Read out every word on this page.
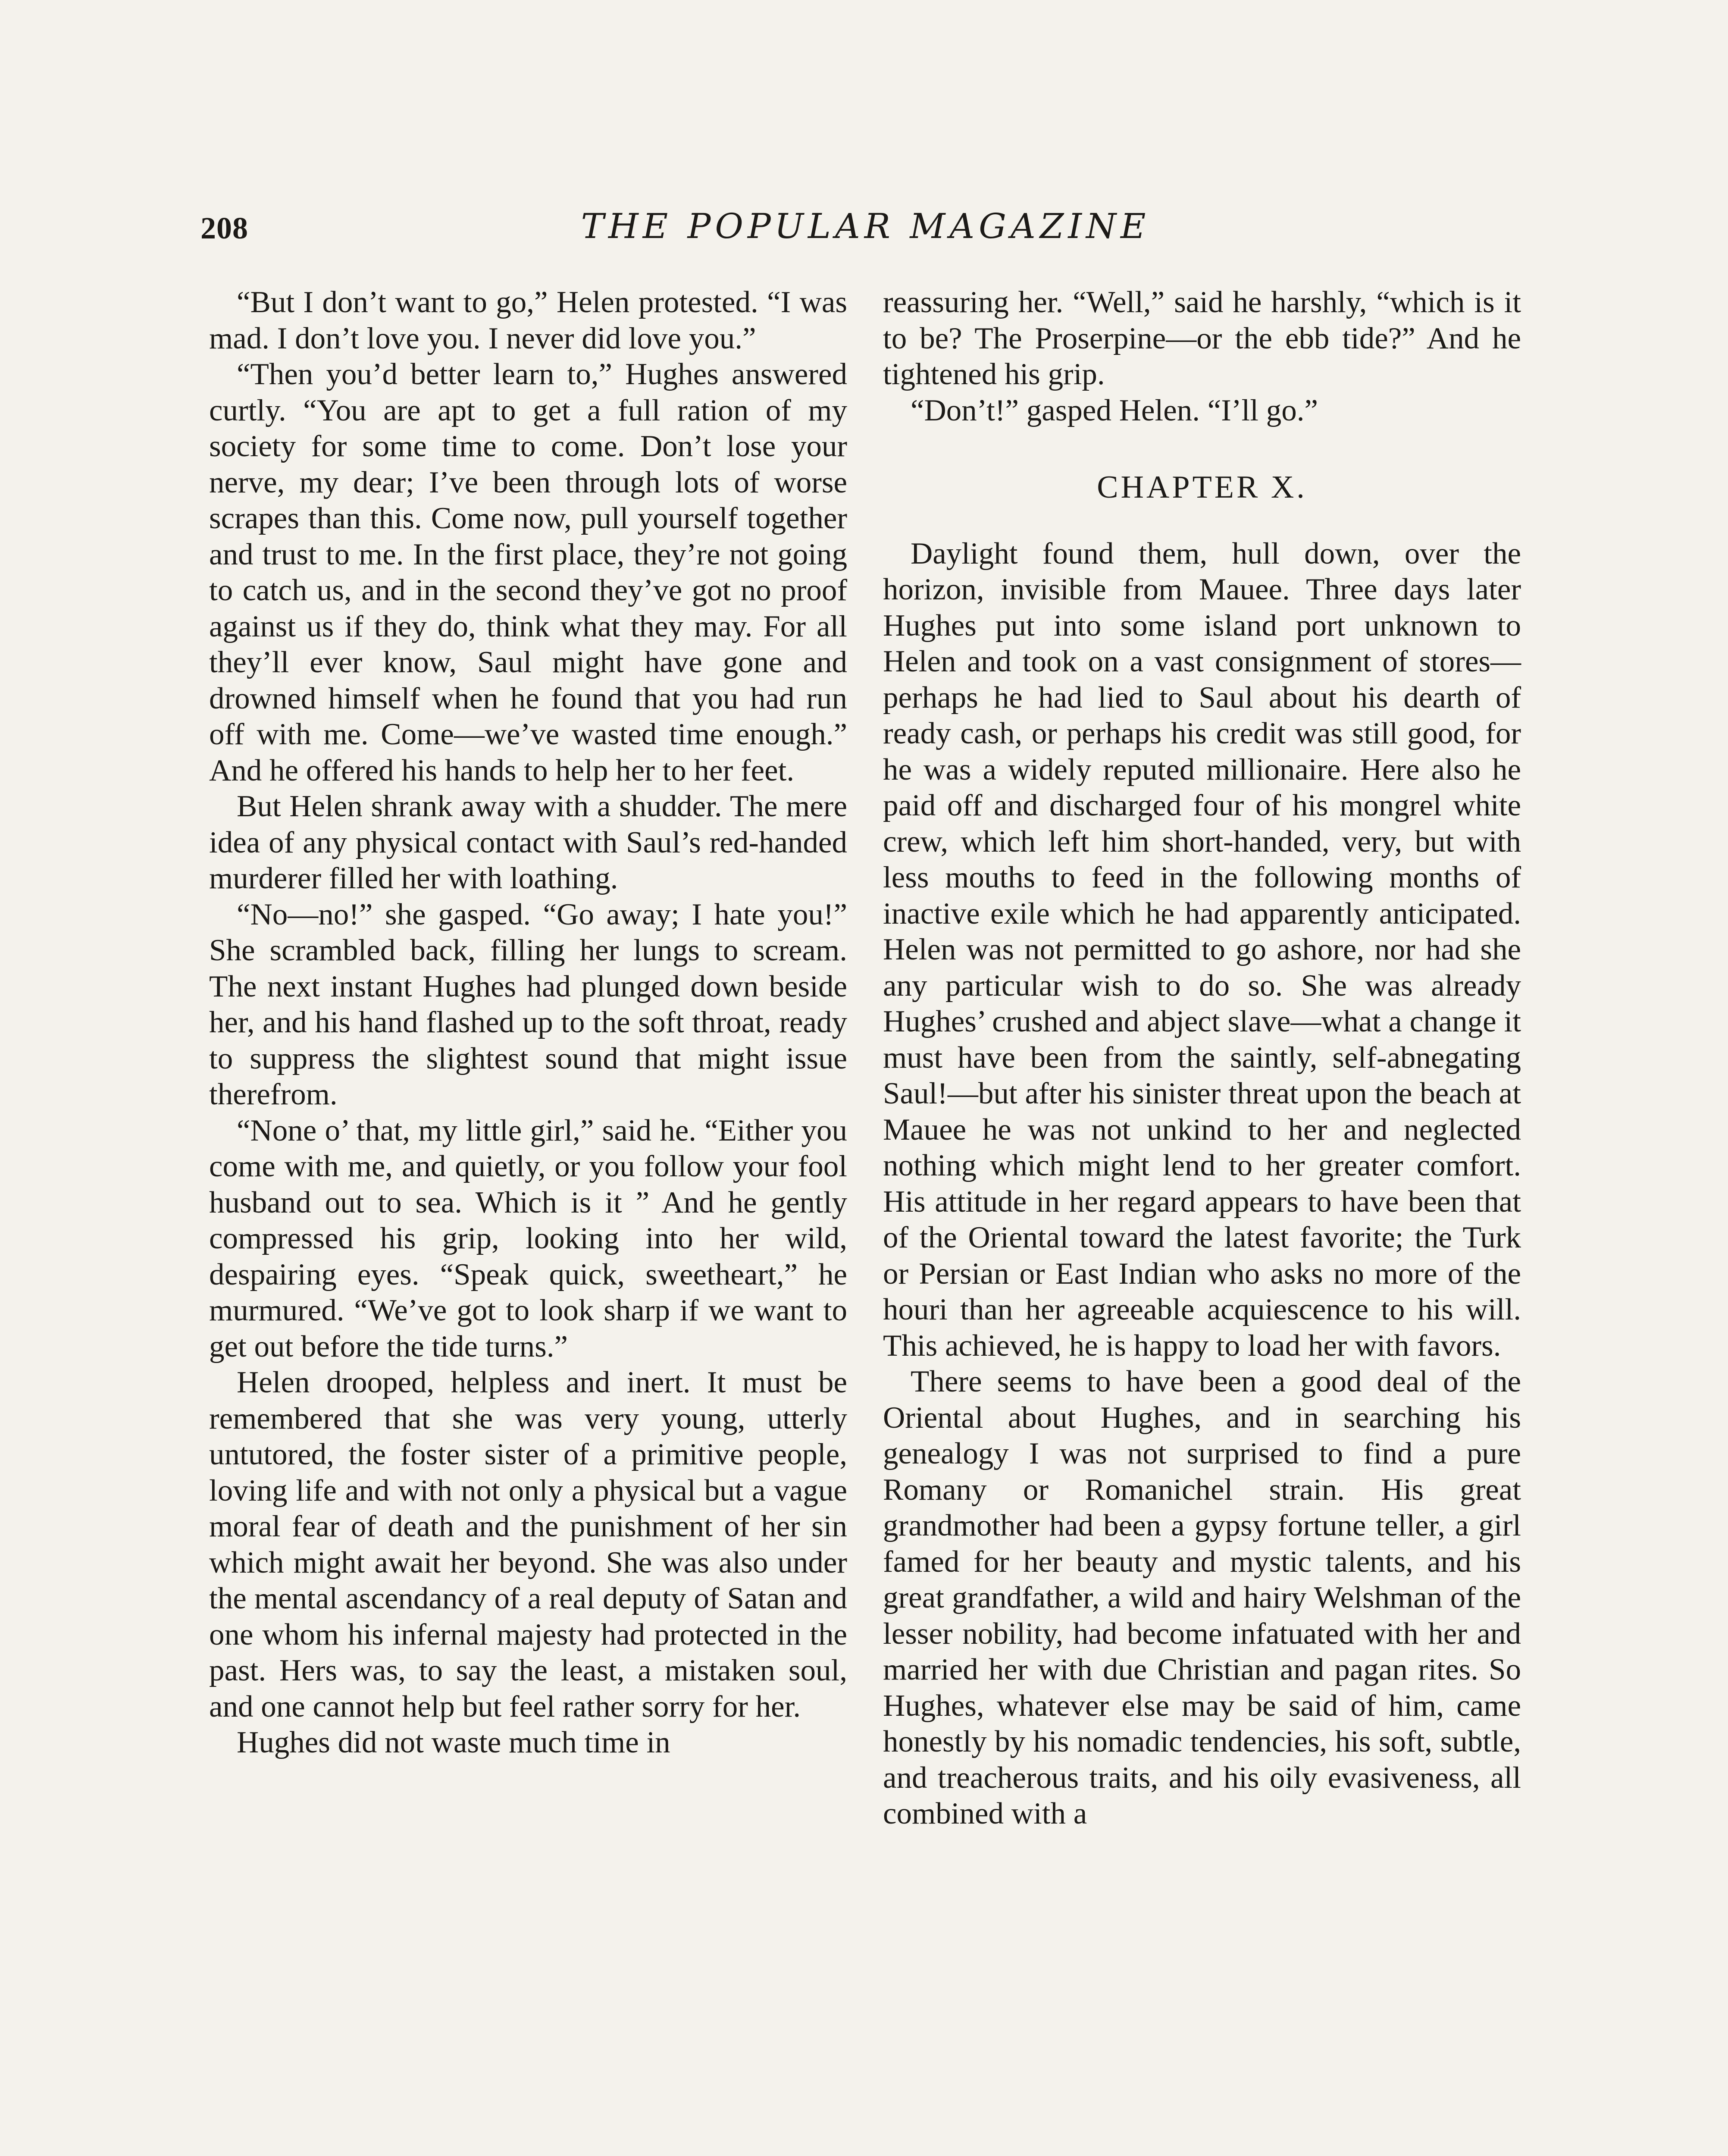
208	THE POPULAR MAGAZINE

“But I don’t want to go,” Helen protested. “I was mad. I don’t love you. I never did love you.”

“Then you’d better learn to,” Hughes answered curtly. “You are apt to get a full ration of my society for some time to come. Don’t lose your nerve, my dear; I’ve been through lots of worse scrapes than this. Come now, pull yourself together and trust to me. In the first place, they’re not going to catch us, and in the second they’ve got no proof against us if they do, think what they may. For all they’ll ever know, Saul might have gone and drowned himself when he found that you had run off with me. Come—we’ve wasted time enough.” And he offered his hands to help her to her feet.

But Helen shrank away with a shudder. The mere idea of any physical contact with Saul’s red-handed murderer filled her with loathing.

“No—no!” she gasped. “Go away; I hate you!” She scrambled back, filling her lungs to scream. The next instant Hughes had plunged down beside her, and his hand flashed up to the soft throat, ready to suppress the slightest sound that might issue therefrom.

“None o’ that, my little girl,” said he. “Either you come with me, and quietly, or you follow your fool husband out to sea. Which is it ” And he gently compressed his grip, looking into her wild, despairing eyes. “Speak quick, sweetheart,” he murmured. “We’ve got to look sharp if we want to get out before the tide turns.”

Helen drooped, helpless and inert. It must be remembered that she was very young, utterly untutored, the foster sister of a primitive people, loving life and with not only a physical but a vague moral fear of death and the punishment of her sin which might await her beyond. She was also under the mental ascendancy of a real deputy of Satan and one whom his infernal majesty had protected in the past. Hers was, to say the least, a mistaken soul, and one cannot help but feel rather sorry for her.

Hughes did not waste much time in

reassuring her. “Well,” said he harshly, “which is it to be? The Proserpine—or the ebb tide?” And he tightened his grip.

“Don’t!” gasped Helen. “I’ll go.”

CHAPTER X.

Daylight found them, hull down, over the horizon, invisible from Mauee. Three days later Hughes put into some island port unknown to Helen and took on a vast consignment of stores—perhaps he had lied to Saul about his dearth of ready cash, or perhaps his credit was still good, for he was a widely reputed millionaire. Here also he paid off and discharged four of his mongrel white crew, which left him short-handed, very, but with less mouths to feed in the following months of inactive exile which he had apparently anticipated. Helen was not permitted to go ashore, nor had she any particular wish to do so. She was already Hughes’ crushed and abject slave—what a change it must have been from the saintly, self-abnegating Saul!—but after his sinister threat upon the beach at Mauee he was not unkind to her and neglected nothing which might lend to her greater comfort. His attitude in her regard appears to have been that of the Oriental toward the latest favorite; the Turk or Persian or East Indian who asks no more of the houri than her agreeable acquiescence to his will. This achieved, he is happy to load her with favors.

There seems to have been a good deal of the Oriental about Hughes, and in searching his genealogy I was not surprised to find a pure Romany or Romanichel strain. His great grandmother had been a gypsy fortune teller, a girl famed for her beauty and mystic talents, and his great grandfather, a wild and hairy Welshman of the lesser nobility, had become infatuated with her and married her with due Christian and pagan rites. So Hughes, whatever else may be said of him, came honestly by his nomadic tendencies, his soft, subtle, and treacherous traits, and his oily evasiveness, all combined with a
